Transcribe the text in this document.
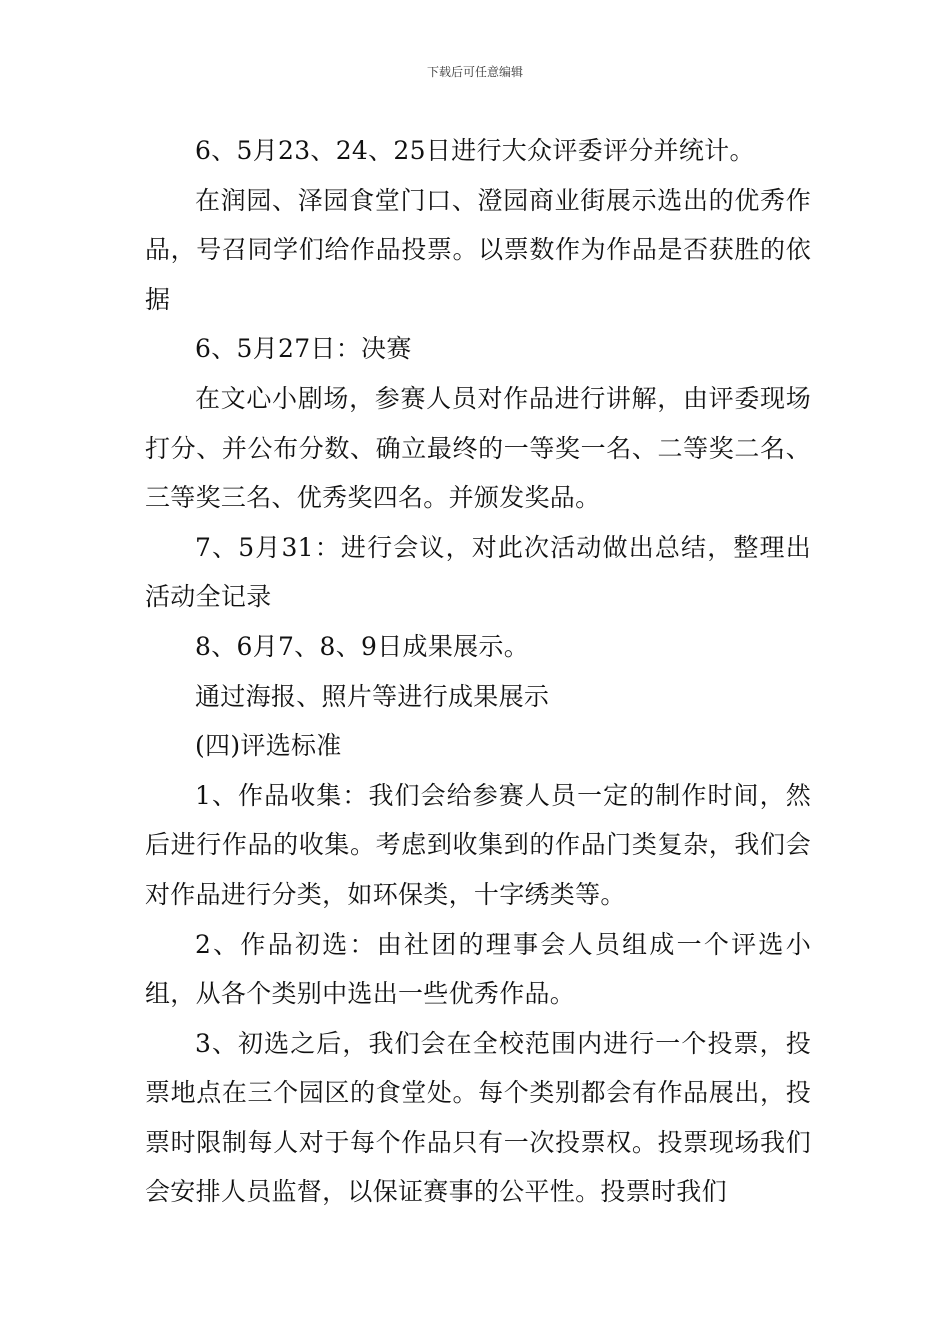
下载后可任意编辑

6、5月23、24、25日进行大众评委评分并统计。

在润园、泽园食堂门口、澄园商业街展示选出的优秀作品，号召同学们给作品投票。以票数作为作品是否获胜的依据

6、5月27日：决赛

在文心小剧场，参赛人员对作品进行讲解，由评委现场打分、并公布分数、确立最终的一等奖一名、二等奖二名、三等奖三名、优秀奖四名。并颁发奖品。

7、5月31：进行会议，对此次活动做出总结，整理出活动全记录

8、6月7、8、9日成果展示。

通过海报、照片等进行成果展示

(四)评选标准

1、作品收集：我们会给参赛人员一定的制作时间，然后进行作品的收集。考虑到收集到的作品门类复杂，我们会对作品进行分类，如环保类，十字绣类等。

2、作品初选：由社团的理事会人员组成一个评选小组，从各个类别中选出一些优秀作品。

3、初选之后，我们会在全校范围内进行一个投票，投票地点在三个园区的食堂处。每个类别都会有作品展出，投票时限制每人对于每个作品只有一次投票权。投票现场我们会安排人员监督，以保证赛事的公平性。投票时我们
